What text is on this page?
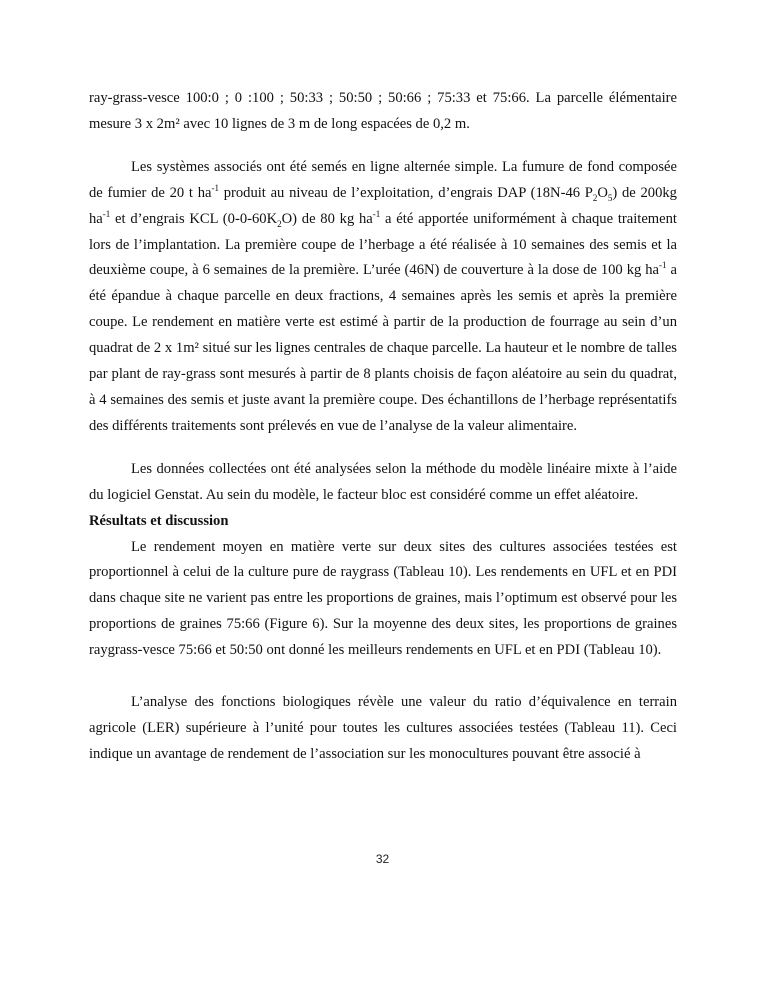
ray-grass-vesce 100:0 ; 0 :100 ; 50:33 ; 50:50 ; 50:66 ; 75:33 et 75:66. La parcelle élémentaire mesure 3 x 2m² avec 10 lignes de 3 m de long espacées de 0,2 m.

Les systèmes associés ont été semés en ligne alternée simple. La fumure de fond composée de fumier de 20 t $ha^{-1}$ produit au niveau de l’exploitation, d’engrais DAP (18N-46 $P_2O_5$) de 200kg $ha^{-1}$ et d’engrais KCL $(0-0-60K_2O)$ de 80 kg $ha^{-1}$ a été apportée uniformément à chaque traitement lors de l’implantation. La première coupe de l’herbage a été réalisée à 10 semaines des semis et la deuxième coupe, à 6 semaines de la première. L’urée (46N) de couverture à la dose de 100 kg $ha^{-1}$ a été épandue à chaque parcelle en deux fractions, 4 semaines après les semis et après la première coupe. Le rendement en matière verte est estimé à partir de la production de fourrage au sein d’un quadrat de 2 x 1m² situé sur les lignes centrales de chaque parcelle. La hauteur et le nombre de talles par plant de ray-grass sont mesurés à partir de 8 plants choisis de façon aléatoire au sein du quadrat, à 4 semaines des semis et juste avant la première coupe. Des échantillons de l’herbage représentatifs des différents traitements sont prélevés en vue de l’analyse de la valeur alimentaire.

Les données collectées ont été analysées selon la méthode du modèle linéaire mixte à l’aide du logiciel Genstat. Au sein du modèle, le facteur bloc est considéré comme un effet aléatoire.

Résultats et discussion

Le rendement moyen en matière verte sur deux sites des cultures associées testées est proportionnel à celui de la culture pure de raygrass (Tableau 10). Les rendements en UFL et en PDI dans chaque site ne varient pas entre les proportions de graines, mais l’optimum est observé pour les proportions de graines 75:66 (Figure 6). Sur la moyenne des deux sites, les proportions de graines raygrass-vesce 75:66 et 50:50 ont donné les meilleurs rendements en UFL et en PDI (Tableau 10).

L’analyse des fonctions biologiques révèle une valeur du ratio d’équivalence en terrain agricole (LER) supérieure à l’unité pour toutes les cultures associées testées (Tableau 11). Ceci indique un avantage de rendement de l’association sur les monocultures pouvant être associé à

32
